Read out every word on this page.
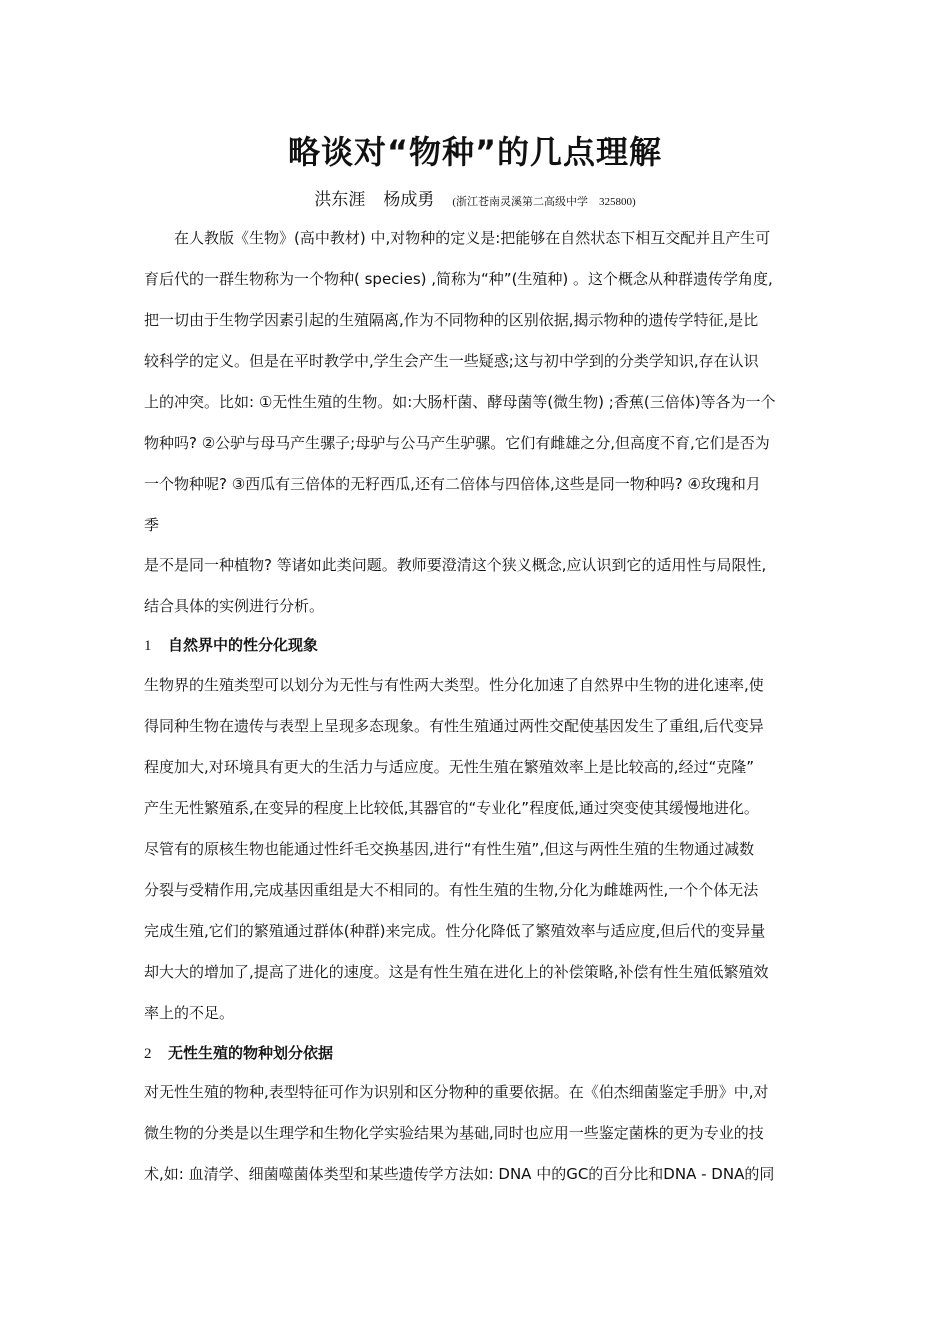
略谈对“物种”的几点理解
洪东涯 杨成勇 (浙江苍南灵溪第二高级中学　325800)
在人教版《生物》(高中教材) 中,对物种的定义是:把能够在自然状态下相互交配并且产生可
育后代的一群生物称为一个物种( species) ,简称为“种”(生殖种) 。这个概念从种群遗传学角度,
把一切由于生物学因素引起的生殖隔离,作为不同物种的区别依据,揭示物种的遗传学特征,是比
较科学的定义。但是在平时教学中,学生会产生一些疑惑;这与初中学到的分类学知识,存在认识
上的冲突。比如: ①无性生殖的生物。如:大肠杆菌、酵母菌等(微生物) ;香蕉(三倍体)等各为一个
物种吗? ②公驴与母马产生骡子;母驴与公马产生驴骡。它们有雌雄之分,但高度不育,它们是否为
一个物种呢? ③西瓜有三倍体的无籽西瓜,还有二倍体与四倍体,这些是同一物种吗? ④玫瑰和月
季
是不是同一种植物? 等诸如此类问题。教师要澄清这个狭义概念,应认识到它的适用性与局限性,
结合具体的实例进行分析。
1 自然界中的性分化现象
生物界的生殖类型可以划分为无性与有性两大类型。性分化加速了自然界中生物的进化速率,使
得同种生物在遗传与表型上呈现多态现象。有性生殖通过两性交配使基因发生了重组,后代变异
程度加大,对环境具有更大的生活力与适应度。无性生殖在繁殖效率上是比较高的,经过“克隆”
产生无性繁殖系,在变异的程度上比较低,其器官的“专业化”程度低,通过突变使其缓慢地进化。
尽管有的原核生物也能通过性纤毛交换基因,进行“有性生殖”,但这与两性生殖的生物通过减数
分裂与受精作用,完成基因重组是大不相同的。有性生殖的生物,分化为雌雄两性,一个个体无法
完成生殖,它们的繁殖通过群体(种群)来完成。性分化降低了繁殖效率与适应度,但后代的变异量
却大大的增加了,提高了进化的速度。这是有性生殖在进化上的补偿策略,补偿有性生殖低繁殖效
率上的不足。
2 无性生殖的物种划分依据
对无性生殖的物种,表型特征可作为识别和区分物种的重要依据。在《伯杰细菌鉴定手册》中,对
微生物的分类是以生理学和生物化学实验结果为基础,同时也应用一些鉴定菌株的更为专业的技
术,如: 血清学、细菌噬菌体类型和某些遗传学方法如: DNA 中的GC的百分比和DNA - DNA的同
